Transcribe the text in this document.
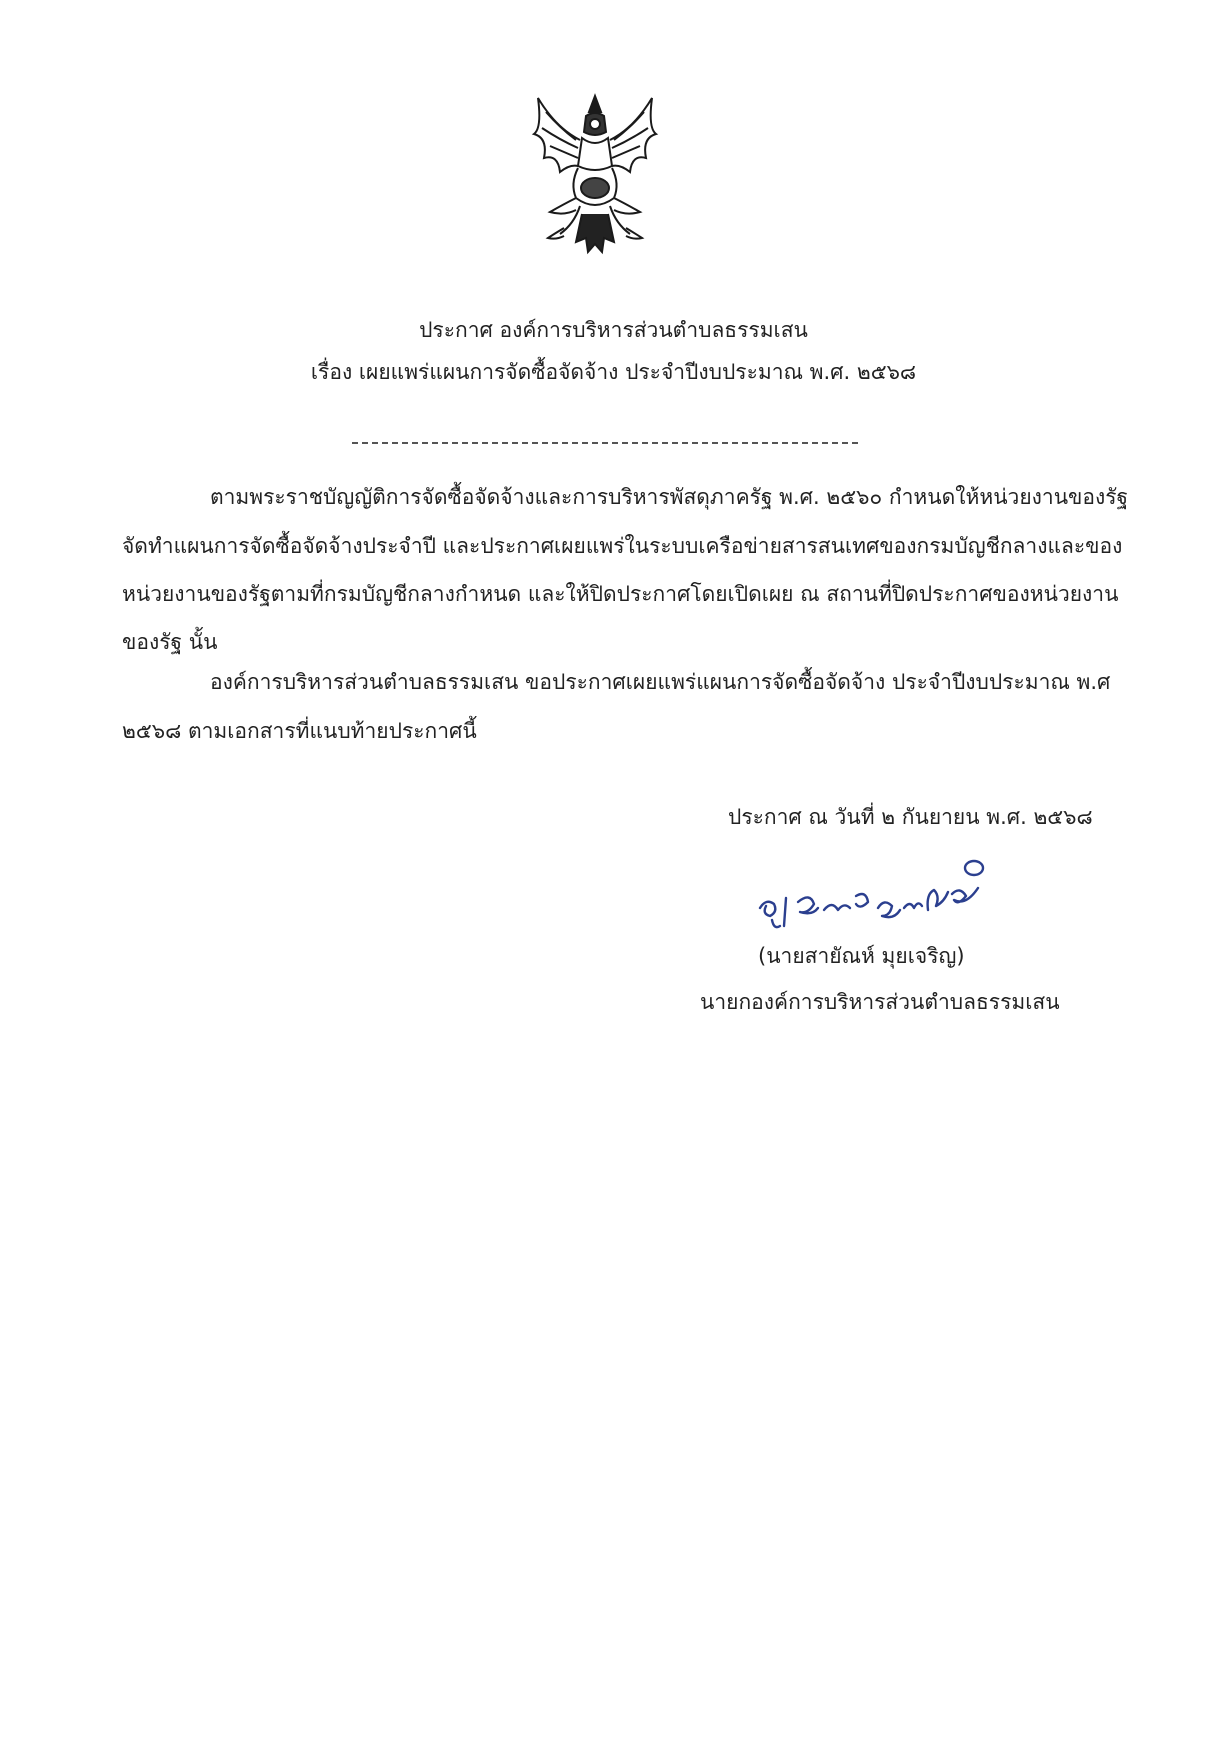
ประกาศ องค์การบริหารส่วนตำบลธรรมเสน
เรื่อง เผยแพร่แผนการจัดซื้อจัดจ้าง ประจำปีงบประมาณ พ.ศ. ๒๕๖๘
ตามพระราชบัญญัติการจัดซื้อจัดจ้างและการบริหารพัสดุภาครัฐ พ.ศ. ๒๕๖๐ กำหนดให้หน่วยงานของรัฐ
จัดทำแผนการจัดซื้อจัดจ้างประจำปี และประกาศเผยแพร่ในระบบเครือข่ายสารสนเทศของกรมบัญชีกลางและของ
หน่วยงานของรัฐตามที่กรมบัญชีกลางกำหนด และให้ปิดประกาศโดยเปิดเผย ณ สถานที่ปิดประกาศของหน่วยงาน
ของรัฐ นั้น
องค์การบริหารส่วนตำบลธรรมเสน ขอประกาศเผยแพร่แผนการจัดซื้อจัดจ้าง ประจำปีงบประมาณ พ.ศ
๒๕๖๘ ตามเอกสารที่แนบท้ายประกาศนี้
ประกาศ ณ วันที่ ๒ กันยายน พ.ศ. ๒๕๖๘
(นายสายัณห์ มุยเจริญ)
นายกองค์การบริหารส่วนตำบลธรรมเสน
